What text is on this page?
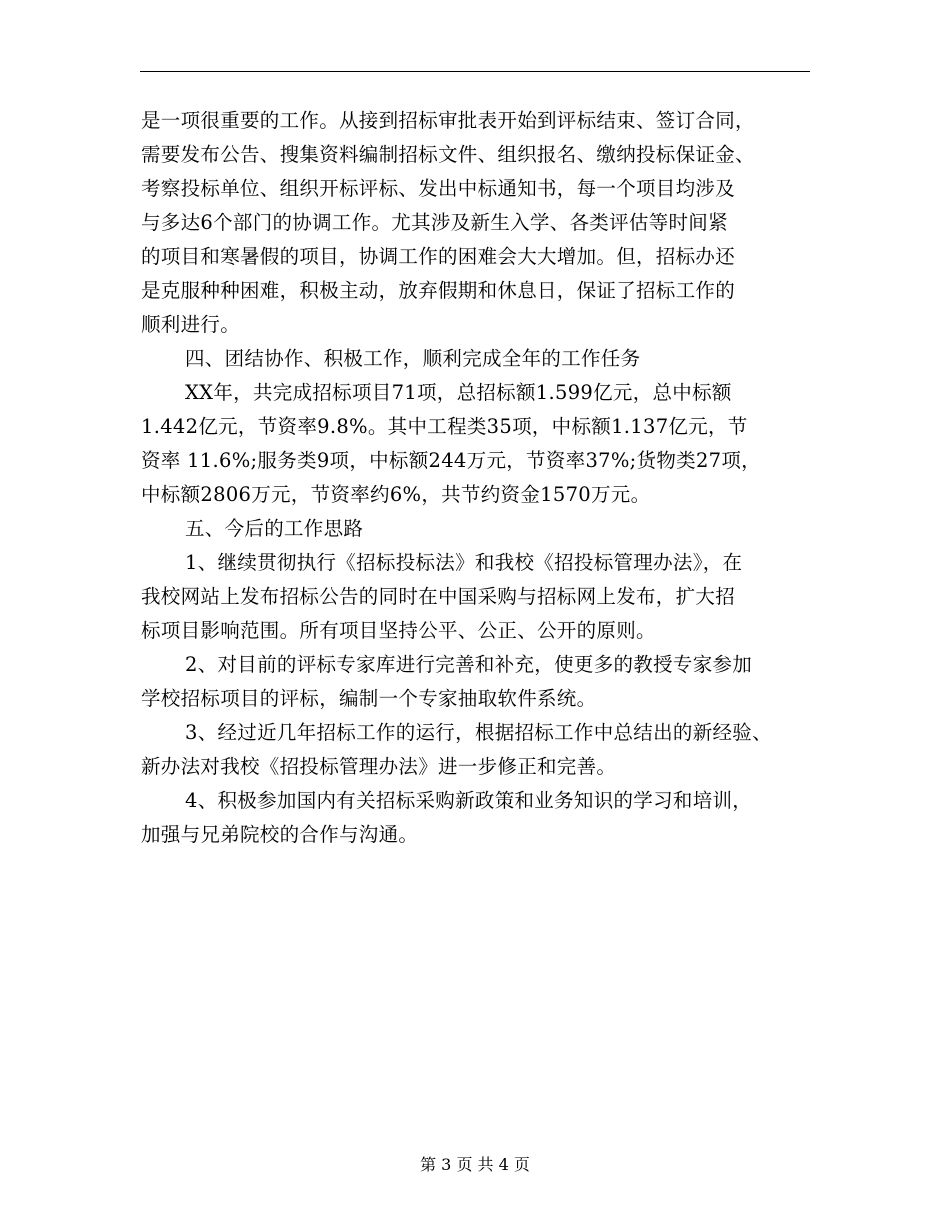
是一项很重要的工作。从接到招标审批表开始到评标结束、签订合同，
需要发布公告、搜集资料编制招标文件、组织报名、缴纳投标保证金、
考察投标单位、组织开标评标、发出中标通知书，每一个项目均涉及
与多达6个部门的协调工作。尤其涉及新生入学、各类评估等时间紧
的项目和寒暑假的项目，协调工作的困难会大大增加。但，招标办还
是克服种种困难，积极主动，放弃假期和休息日，保证了招标工作的
顺利进行。
四、团结协作、积极工作，顺利完成全年的工作任务
XX年，共完成招标项目71项，总招标额1.599亿元，总中标额
1.442亿元，节资率9.8%。其中工程类35项，中标额1.137亿元，节
资率 11.6%;服务类9项，中标额244万元，节资率37%;货物类27项，
中标额2806万元，节资率约6%，共节约资金1570万元。
五、今后的工作思路
1、继续贯彻执行《招标投标法》和我校《招投标管理办法》，在
我校网站上发布招标公告的同时在中国采购与招标网上发布，扩大招
标项目影响范围。所有项目坚持公平、公正、公开的原则。
2、对目前的评标专家库进行完善和补充，使更多的教授专家参加
学校招标项目的评标，编制一个专家抽取软件系统。
3、经过近几年招标工作的运行，根据招标工作中总结出的新经验、
新办法对我校《招投标管理办法》进一步修正和完善。
4、积极参加国内有关招标采购新政策和业务知识的学习和培训，
加强与兄弟院校的合作与沟通。
第 3 页 共 4 页
